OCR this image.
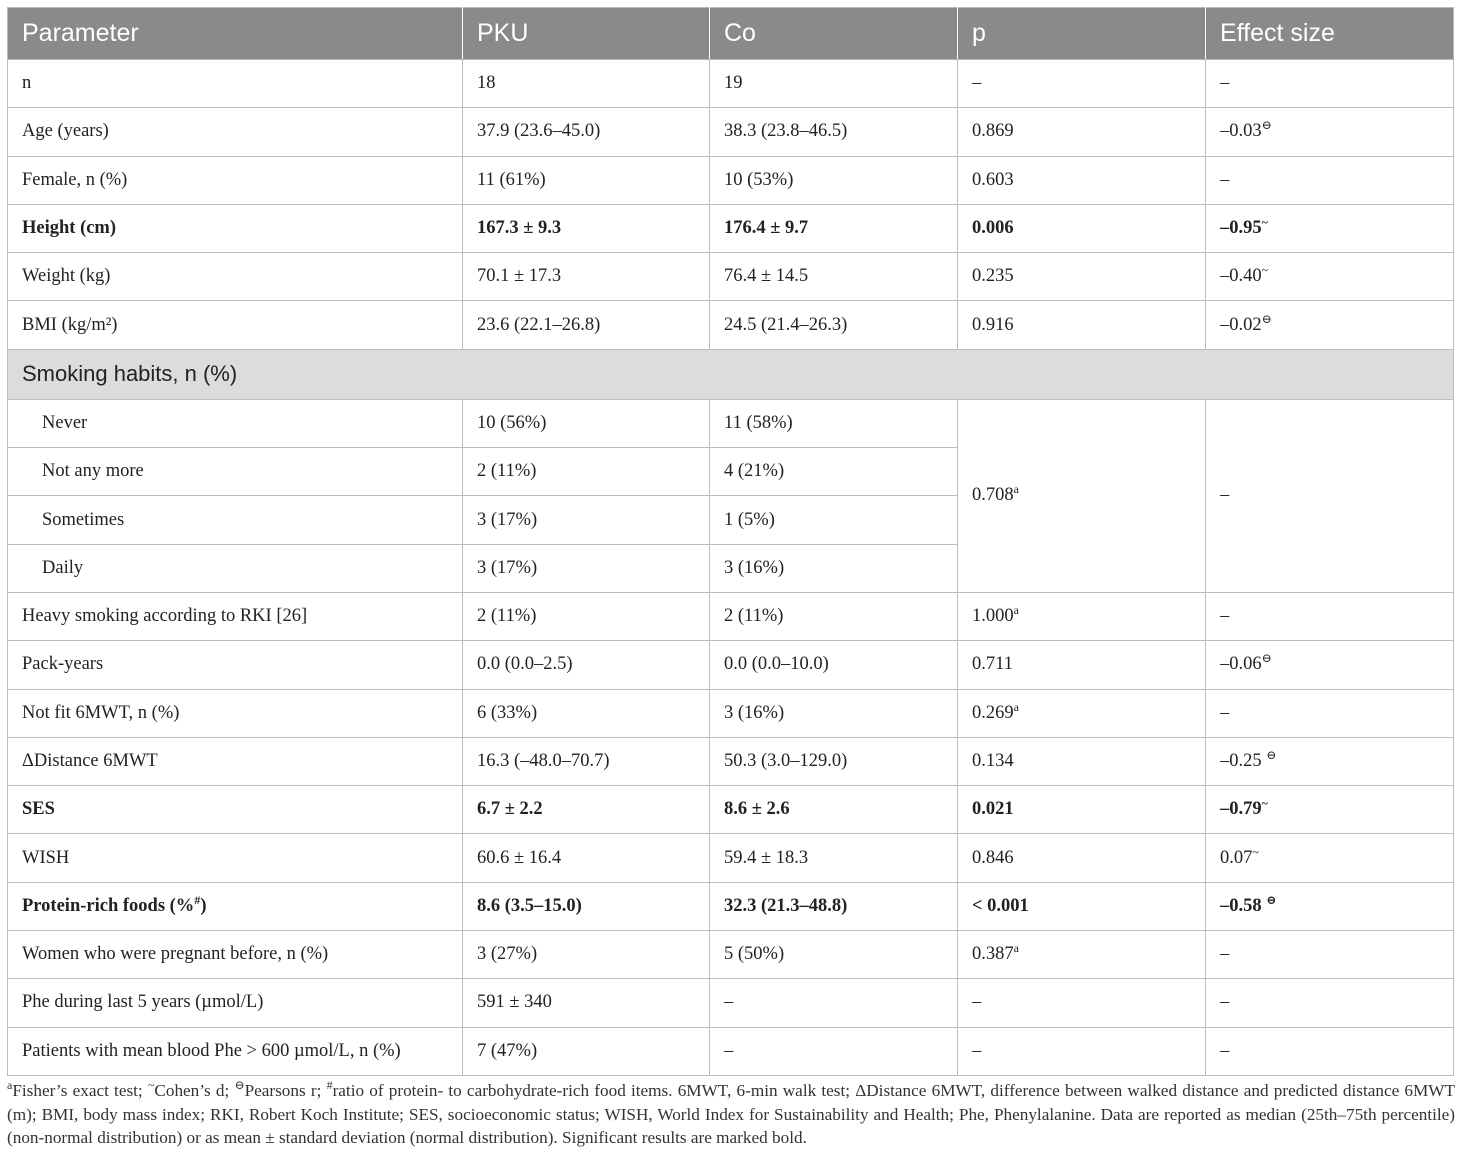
Parameter	PKU	Co	p	Effect size
n	18	19	–	–
Age (years)	37.9 (23.6–45.0)	38.3 (23.8–46.5)	0.869	–0.03⊖
Female, n (%)	11 (61%)	10 (53%)	0.603	–
Height (cm)	167.3 ± 9.3	176.4 ± 9.7	0.006	–0.95~
Weight (kg)	70.1 ± 17.3	76.4 ± 14.5	0.235	–0.40~
BMI (kg/m²)	23.6 (22.1–26.8)	24.5 (21.4–26.3)	0.916	–0.02⊖
Smoking habits, n (%)				
Never	10 (56%)	11 (58%)	0.708$^a$	–
Not any more	2 (11%)	4 (21%)		
Sometimes	3 (17%)	1 (5%)		
Daily	3 (17%)	3 (16%)		
Heavy smoking according to RKI [26]	2 (11%)	2 (11%)	1.000$^a$	–
Pack-years	0.0 (0.0–2.5)	0.0 (0.0–10.0)	0.711	–0.06⊖
Not fit 6MWT, n (%)	6 (33%)	3 (16%)	0.269$^a$	–
ΔDistance 6MWT	16.3 (–48.0–70.7)	50.3 (3.0–129.0)	0.134	–0.25 ⊖
SES	6.7 ± 2.2	8.6 ± 2.6	0.021	–0.79~
WISH	60.6 ± 16.4	59.4 ± 18.3	0.846	0.07~
Protein-rich foods (%#)	8.6 (3.5–15.0)	32.3 (21.3–48.8)	< 0.001	–0.58 ⊖
Women who were pregnant before, n (%)	3 (27%)	5 (50%)	0.387$^a$	–
Phe during last 5 years (µmol/L)	591 ± 340	–	–	–
Patients with mean blood Phe > 600 µmol/L, n (%)	7 (47%)	–	–	–
$^a$Fisher’s exact test; ~Cohen’s d; ⊖Pearsons r; #ratio of protein- to carbohydrate-rich food items. 6MWT, 6-min walk test; ΔDistance 6MWT, difference between walked distance and predicted distance 6MWT (m); BMI, body mass index; RKI, Robert Koch Institute; SES, socioeconomic status; WISH, World Index for Sustainability and Health; Phe, Phenylalanine. Data are reported as median (25th–75th percentile) (non-normal distribution) or as mean ± standard deviation (normal distribution). Significant results are marked bold.
